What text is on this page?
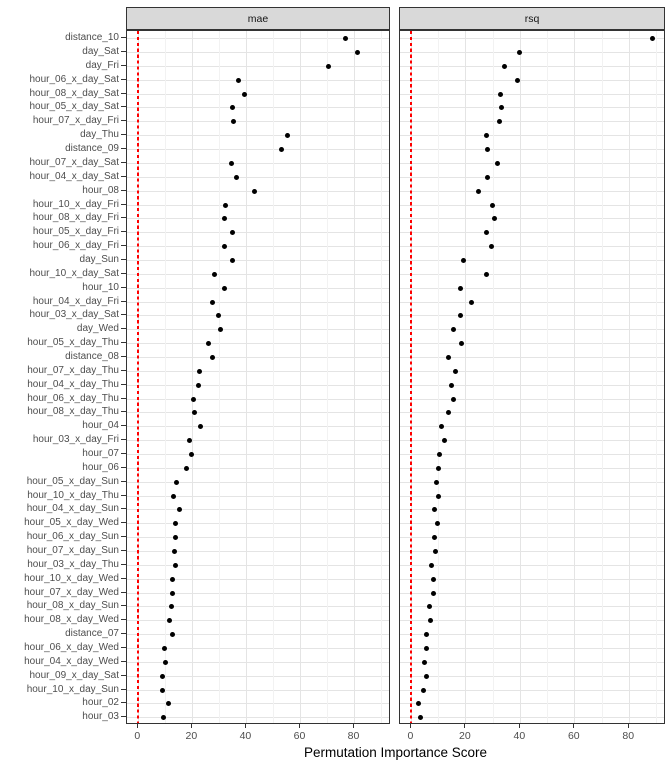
mae	rsq
distance_10
day_Sat
day_Fri
hour_06_x_day_Sat
hour_08_x_day_Sat
hour_05_x_day_Sat
hour_07_x_day_Fri
day_Thu
distance_09
hour_07_x_day_Sat
hour_04_x_day_Sat
hour_08
hour_10_x_day_Fri
hour_08_x_day_Fri
hour_05_x_day_Fri
hour_06_x_day_Fri
day_Sun
hour_10_x_day_Sat
hour_10
hour_04_x_day_Fri
hour_03_x_day_Sat
day_Wed
hour_05_x_day_Thu
distance_08
hour_07_x_day_Thu
hour_04_x_day_Thu
hour_06_x_day_Thu
hour_08_x_day_Thu
hour_04
hour_03_x_day_Fri
hour_07
hour_06
hour_05_x_day_Sun
hour_10_x_day_Thu
hour_04_x_day_Sun
hour_05_x_day_Wed
hour_06_x_day_Sun
hour_07_x_day_Sun
hour_03_x_day_Thu
hour_10_x_day_Wed
hour_07_x_day_Wed
hour_08_x_day_Sun
hour_08_x_day_Wed
distance_07
hour_06_x_day_Wed
hour_04_x_day_Wed
hour_09_x_day_Sat
hour_10_x_day_Sun
hour_02
hour_03
0	20	40	60	80	0	20	40	60	80
Permutation Importance Score
